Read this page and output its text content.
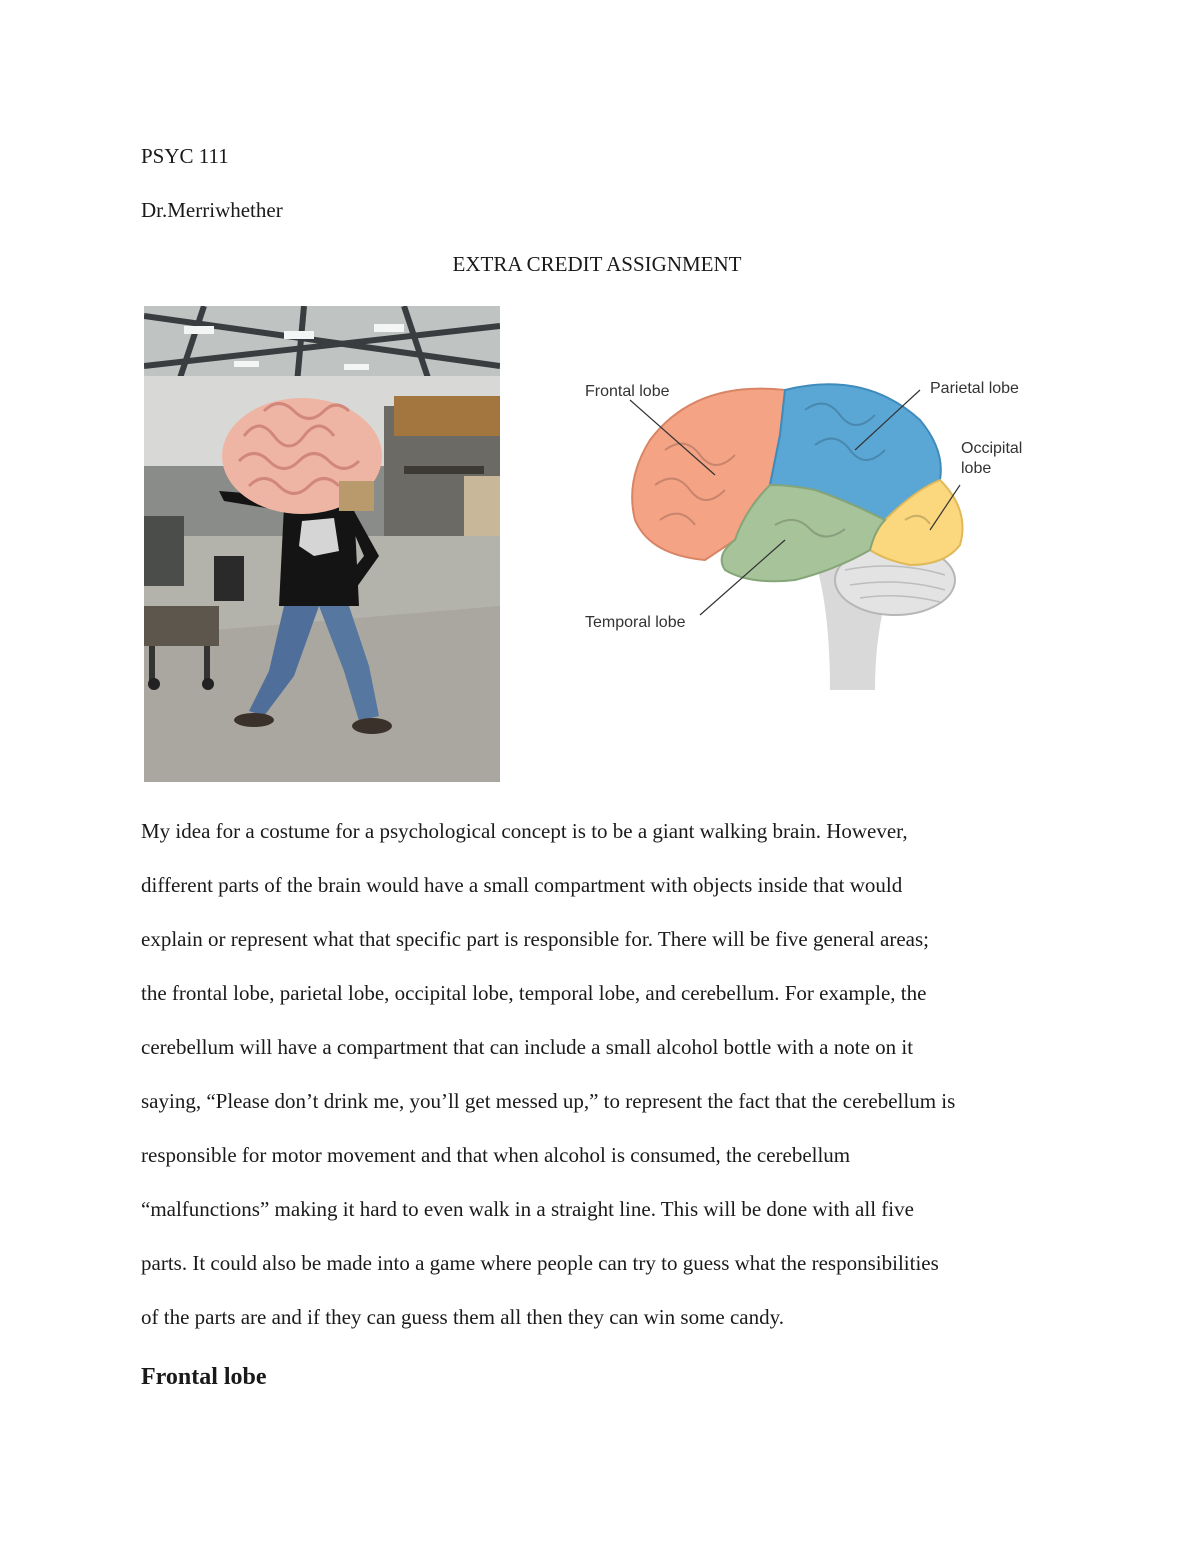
PSYC 111
Dr.Merriwhether
EXTRA CREDIT ASSIGNMENT
Frontal lobe	Parietal lobe
Occipital
lobe
Temporal lobe

My idea for a costume for a psychological concept is to be a giant walking brain. However,

different parts of the brain would have a small compartment with objects inside that would

explain or represent what that specific part is responsible for. There will be five general areas;

the frontal lobe, parietal lobe, occipital lobe, temporal lobe, and cerebellum. For example, the

cerebellum will have a compartment that can include a small alcohol bottle with a note on it

saying, “Please don’t drink me, you’ll get messed up,” to represent the fact that the cerebellum is

responsible for motor movement and that when alcohol is consumed, the cerebellum

“malfunctions” making it hard to even walk in a straight line. This will be done with all five

parts. It could also be made into a game where people can try to guess what the responsibilities

of the parts are and if they can guess them all then they can win some candy.

Frontal lobe
